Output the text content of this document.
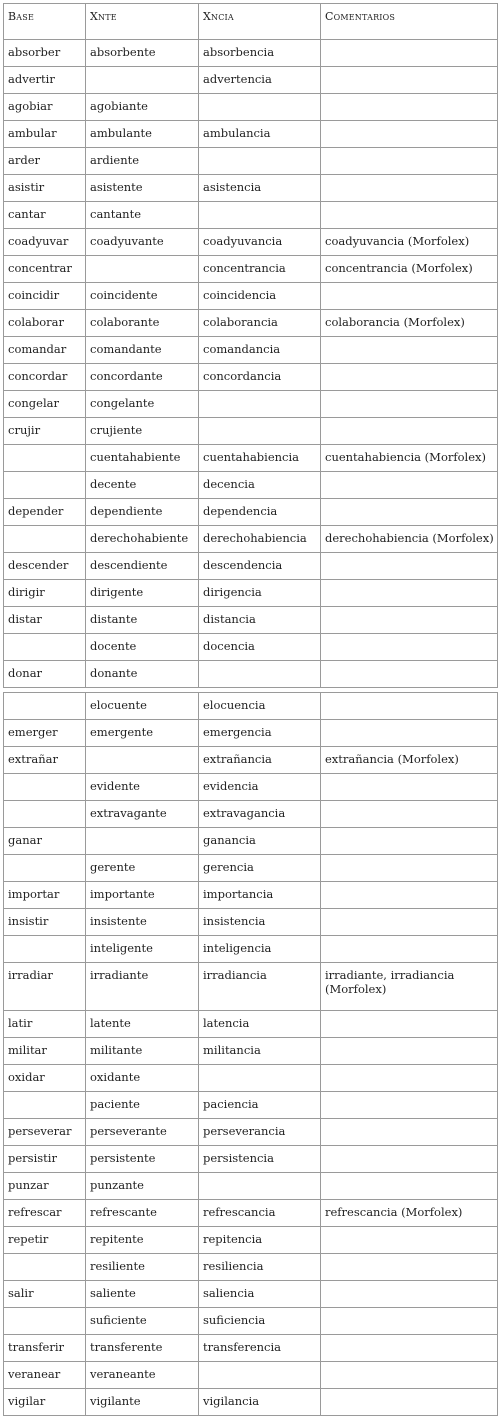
Base	Xnte	Xncia	Comentarios
absorber	absorbente	absorbencia	
advertir		advertencia	
agobiar	agobiante		
ambular	ambulante	ambulancia	
arder	ardiente		
asistir	asistente	asistencia	
cantar	cantante		
coadyuvar	coadyuvante	coadyuvancia	coadyuvancia (Morfolex)
concentrar		concentrancia	concentrancia (Morfolex)
coincidir	coincidente	coincidencia	
colaborar	colaborante	colaborancia	colaborancia (Morfolex)
comandar	comandante	comandancia	
concordar	concordante	concordancia	
congelar	congelante		
crujir	crujiente		
	cuentahabiente	cuentahabiencia	cuentahabiencia (Morfolex)
	decente	decencia	
depender	dependiente	dependencia	
	derechohabiente	derechohabiencia	derechohabiencia (Morfolex)
descender	descendiente	descendencia	
dirigir	dirigente	dirigencia	
distar	distante	distancia	
	docente	docencia	
donar	donante		

	elocuente	elocuencia	
emerger	emergente	emergencia	
extrañar		extrañancia	extrañancia (Morfolex)
	evidente	evidencia	
	extravagante	extravagancia	
ganar		ganancia	
	gerente	gerencia	
importar	importante	importancia	
insistir	insistente	insistencia	
	inteligente	inteligencia	
irradiar	irradiante	irradiancia	irradiante, irradiancia (Morfolex)
latir	latente	latencia	
militar	militante	militancia	
oxidar	oxidante		
	paciente	paciencia	
perseverar	perseverante	perseverancia	
persistir	persistente	persistencia	
punzar	punzante		
refrescar	refrescante	refrescancia	refrescancia (Morfolex)
repetir	repitente	repitencia	
	resiliente	resiliencia	
salir	saliente	saliencia	
	suficiente	suficiencia	
transferir	transferente	transferencia	
veranear	veraneante		
vigilar	vigilante	vigilancia	
